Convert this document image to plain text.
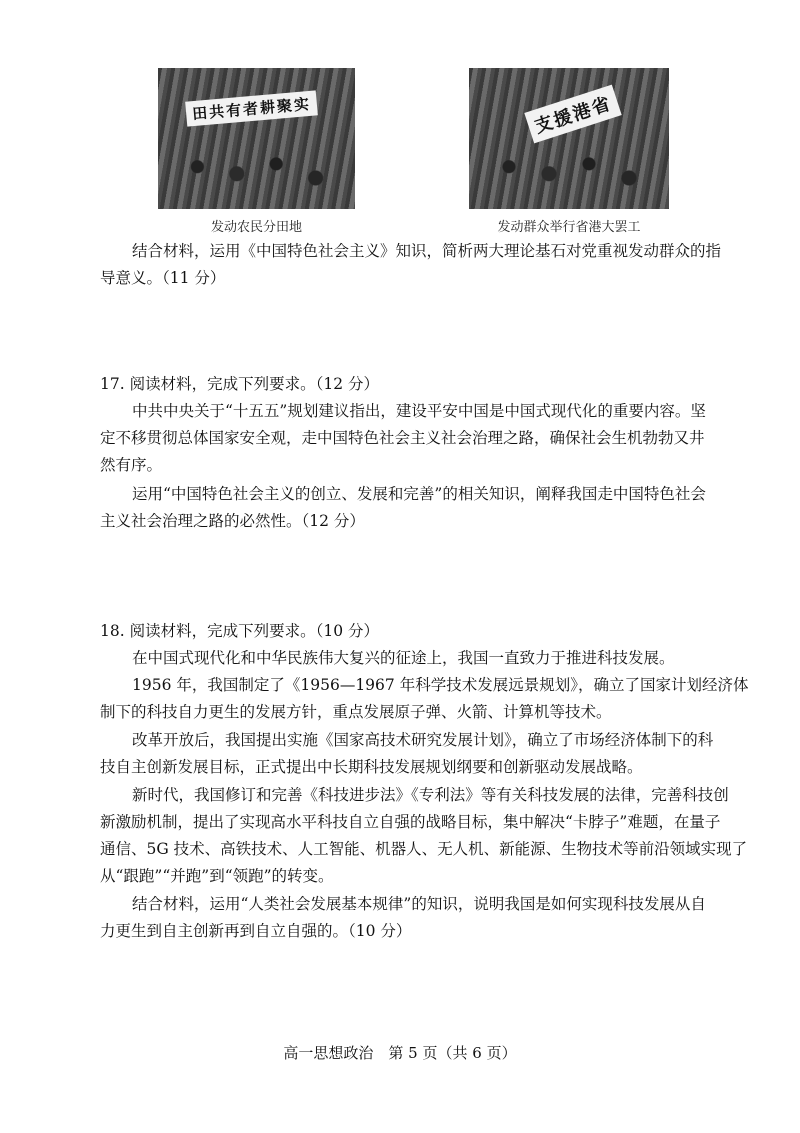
田共有者耕聚实	支援港省
发动农民分田地	发动群众举行省港大罢工
结合材料，运用《中国特色社会主义》知识，简析两大理论基石对党重视发动群众的指
导意义。（11 分）
17. 阅读材料，完成下列要求。（12 分）
中共中央关于“十五五”规划建议指出，建设平安中国是中国式现代化的重要内容。坚
定不移贯彻总体国家安全观，走中国特色社会主义社会治理之路，确保社会生机勃勃又井
然有序。
运用“中国特色社会主义的创立、发展和完善”的相关知识，阐释我国走中国特色社会
主义社会治理之路的必然性。（12 分）
18. 阅读材料，完成下列要求。（10 分）
在中国式现代化和中华民族伟大复兴的征途上，我国一直致力于推进科技发展。
1956 年，我国制定了《1956—1967 年科学技术发展远景规划》，确立了国家计划经济体
制下的科技自力更生的发展方针，重点发展原子弹、火箭、计算机等技术。
改革开放后，我国提出实施《国家高技术研究发展计划》，确立了市场经济体制下的科
技自主创新发展目标，正式提出中长期科技发展规划纲要和创新驱动发展战略。
新时代，我国修订和完善《科技进步法》《专利法》等有关科技发展的法律，完善科技创
新激励机制，提出了实现高水平科技自立自强的战略目标，集中解决“卡脖子”难题，在量子
通信、5G 技术、高铁技术、人工智能、机器人、无人机、新能源、生物技术等前沿领域实现了
从“跟跑”“并跑”到“领跑”的转变。
结合材料，运用“人类社会发展基本规律”的知识，说明我国是如何实现科技发展从自
力更生到自主创新再到自立自强的。（10 分）
高一思想政治　第 5 页（共 6 页）
